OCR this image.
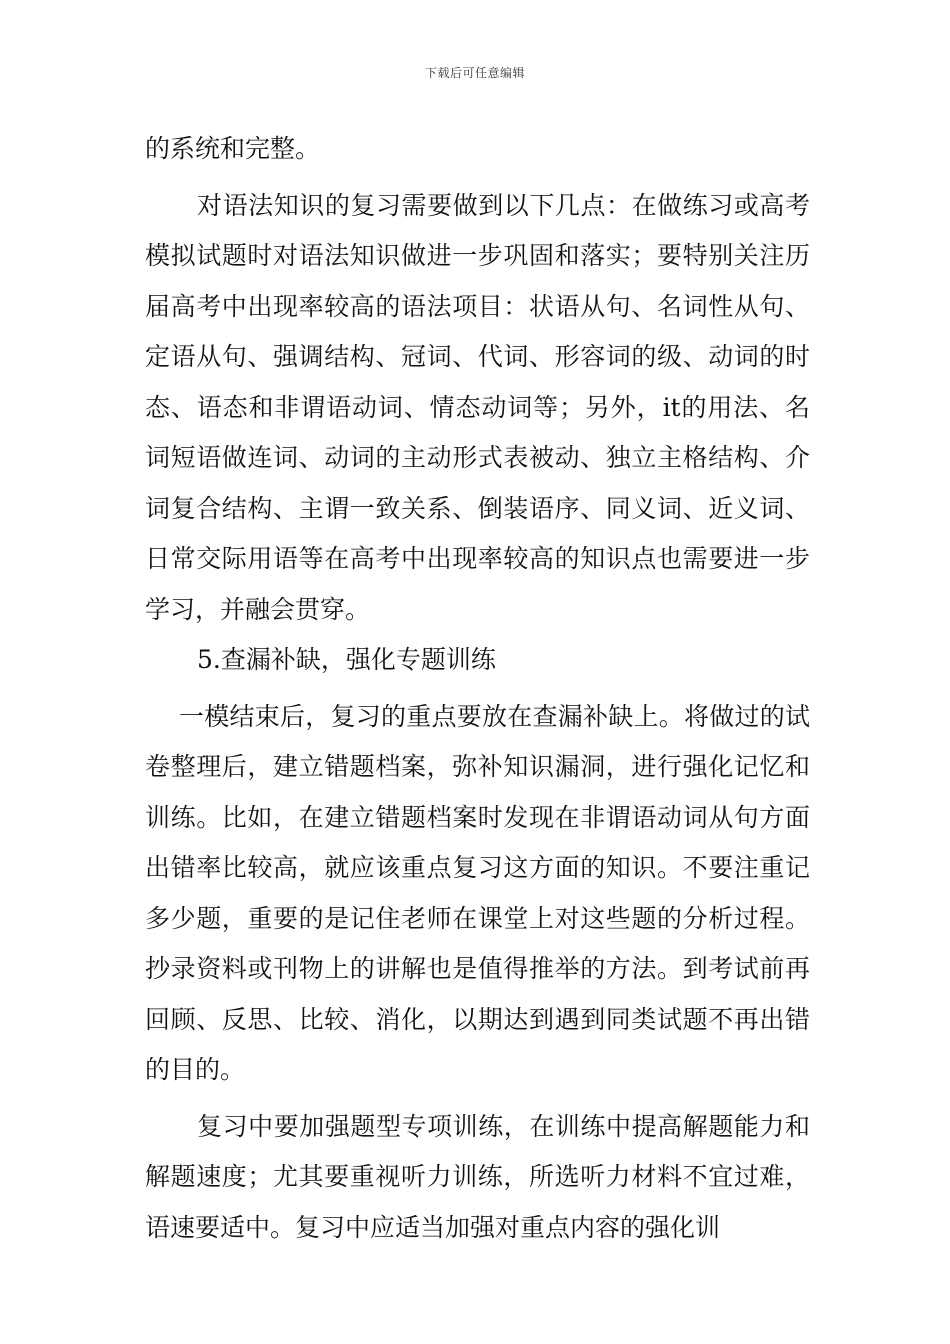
下载后可任意编辑

的系统和完整。

对语法知识的复习需要做到以下几点：在做练习或高考模拟试题时对语法知识做进一步巩固和落实；要特别关注历届高考中出现率较高的语法项目：状语从句、名词性从句、定语从句、强调结构、冠词、代词、形容词的级、动词的时态、语态和非谓语动词、情态动词等；另外，it的用法、名词短语做连词、动词的主动形式表被动、独立主格结构、介词复合结构、主谓一致关系、倒装语序、同义词、近义词、日常交际用语等在高考中出现率较高的知识点也需要进一步学习，并融会贯穿。

5.查漏补缺，强化专题训练

一模结束后，复习的重点要放在查漏补缺上。将做过的试卷整理后，建立错题档案，弥补知识漏洞，进行强化记忆和训练。比如，在建立错题档案时发现在非谓语动词从句方面出错率比较高，就应该重点复习这方面的知识。不要注重记多少题，重要的是记住老师在课堂上对这些题的分析过程。抄录资料或刊物上的讲解也是值得推举的方法。到考试前再回顾、反思、比较、消化，以期达到遇到同类试题不再出错的目的。

复习中要加强题型专项训练，在训练中提高解题能力和解题速度；尤其要重视听力训练，所选听力材料不宜过难，语速要适中。复习中应适当加强对重点内容的强化训
